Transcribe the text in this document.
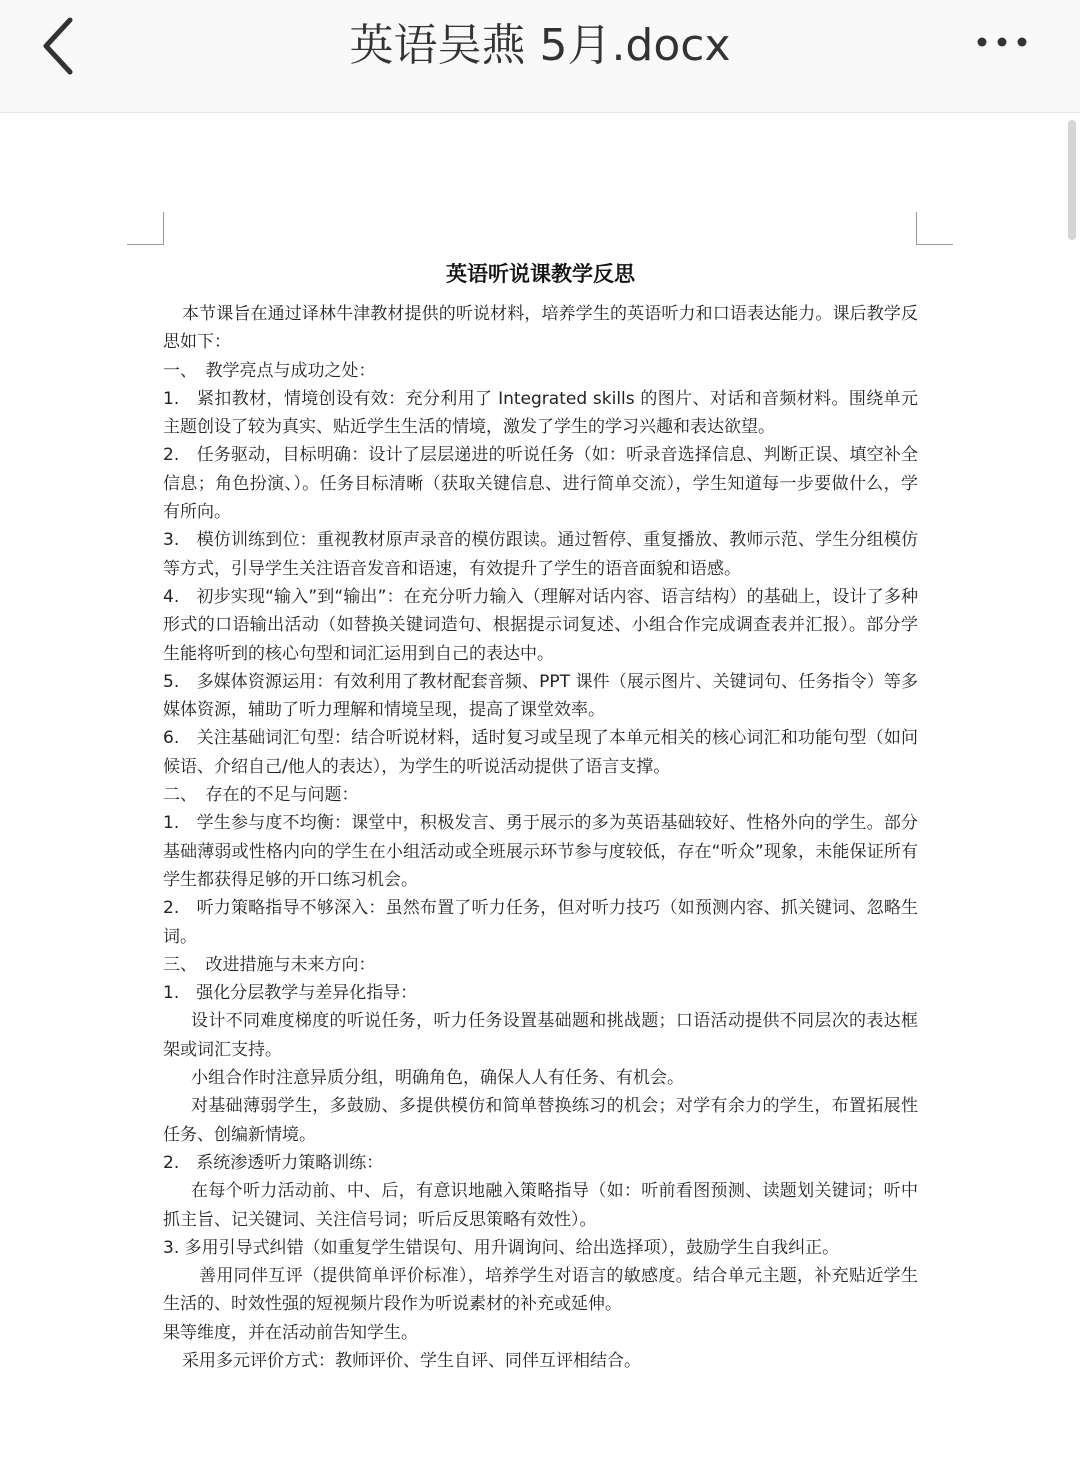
英语吴燕 5月.docx
英语听说课教学反思

本节课旨在通过译林牛津教材提供的听说材料，培养学生的英语听力和口语表达能力。课后教学反思如下：

一、　教学亮点与成功之处：

1.　紧扣教材，情境创设有效：充分利用了 Integrated skills 的图片、对话和音频材料。围绕单元主题创设了较为真实、贴近学生生活的情境，激发了学生的学习兴趣和表达欲望。

2.　任务驱动，目标明确：设计了层层递进的听说任务（如：听录音选择信息、判断正误、填空补全信息；角色扮演、）。任务目标清晰（获取关键信息、进行简单交流），学生知道每一步要做什么，学有所向。

3.　模仿训练到位：重视教材原声录音的模仿跟读。通过暂停、重复播放、教师示范、学生分组模仿等方式，引导学生关注语音发音和语速，有效提升了学生的语音面貌和语感。

4.　初步实现“输入”到“输出”：在充分听力输入（理解对话内容、语言结构）的基础上，设计了多种形式的口语输出活动（如替换关键词造句、根据提示词复述、小组合作完成调查表并汇报）。部分学生能将听到的核心句型和词汇运用到自己的表达中。

5.　多媒体资源运用：有效利用了教材配套音频、PPT 课件（展示图片、关键词句、任务指令）等多媒体资源，辅助了听力理解和情境呈现，提高了课堂效率。

6.　关注基础词汇句型：结合听说材料，适时复习或呈现了本单元相关的核心词汇和功能句型（如问候语、介绍自己/他人的表达），为学生的听说活动提供了语言支撑。

二、　存在的不足与问题：

1.　学生参与度不均衡：课堂中，积极发言、勇于展示的多为英语基础较好、性格外向的学生。部分基础薄弱或性格内向的学生在小组活动或全班展示环节参与度较低，存在“听众”现象，未能保证所有学生都获得足够的开口练习机会。

2.　听力策略指导不够深入：虽然布置了听力任务，但对听力技巧（如预测内容、抓关键词、忽略生词。

三、　改进措施与未来方向：

1.　强化分层教学与差异化指导：

设计不同难度梯度的听说任务，听力任务设置基础题和挑战题；口语活动提供不同层次的表达框架或词汇支持。

小组合作时注意异质分组，明确角色，确保人人有任务、有机会。

对基础薄弱学生，多鼓励、多提供模仿和简单替换练习的机会；对学有余力的学生，布置拓展性任务、创编新情境。

2.　系统渗透听力策略训练：

在每个听力活动前、中、后，有意识地融入策略指导（如：听前看图预测、读题划关键词；听中抓主旨、记关键词、关注信号词；听后反思策略有效性）。

3. 多用引导式纠错（如重复学生错误句、用升调询问、给出选择项），鼓励学生自我纠正。

善用同伴互评（提供简单评价标准），培养学生对语言的敏感度。结合单元主题，补充贴近学生生活的、时效性强的短视频片段作为听说素材的补充或延伸。

果等维度，并在活动前告知学生。

采用多元评价方式：教师评价、学生自评、同伴互评相结合。
